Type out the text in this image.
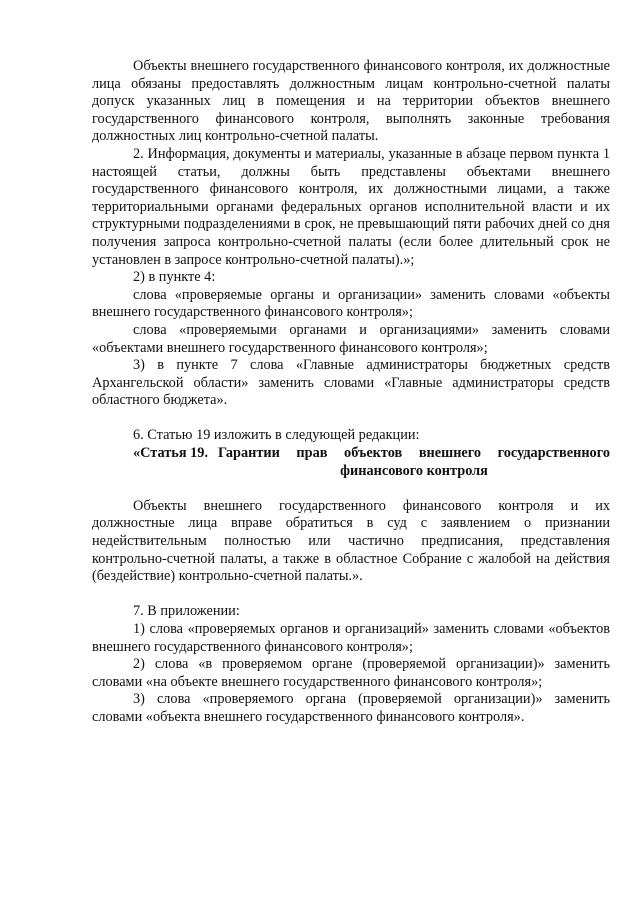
Объекты внешнего государственного финансового контроля, их должностные лица обязаны предоставлять должностным лицам контрольно-счетной палаты допуск указанных лиц в помещения и на территории объектов внешнего государственного финансового контроля, выполнять законные требования должностных лиц контрольно-счетной палаты.

2. Информация, документы и материалы, указанные в абзаце первом пункта 1 настоящей статьи, должны быть представлены объектами внешнего государственного финансового контроля, их должностными лицами, а также территориальными органами федеральных органов исполнительной власти и их структурными подразделениями в срок, не превышающий пяти рабочих дней со дня получения запроса контрольно-счетной палаты (если более длительный срок не установлен в запросе контрольно-счетной палаты).»;

2) в пункте 4:

слова «проверяемые органы и организации» заменить словами «объекты внешнего государственного финансового контроля»;

слова «проверяемыми органами и организациями» заменить словами «объектами внешнего государственного финансового контроля»;

3) в пункте 7 слова «Главные администраторы бюджетных средств Архангельской области» заменить словами «Главные администраторы средств областного бюджета».

6. Статью 19 изложить в следующей редакции:

«Статья 19. Гарантии прав объектов внешнего государственного финансового контроля

Объекты внешнего государственного финансового контроля и их должностные лица вправе обратиться в суд с заявлением о признании недействительным полностью или частично предписания, представления контрольно-счетной палаты, а также в областное Собрание с жалобой на действия (бездействие) контрольно-счетной палаты.».

7. В приложении:

1) слова «проверяемых органов и организаций» заменить словами «объектов внешнего государственного финансового контроля»;

2) слова «в проверяемом органе (проверяемой организации)» заменить словами «на объекте внешнего государственного финансового контроля»;

3) слова «проверяемого органа (проверяемой организации)» заменить словами «объекта внешнего государственного финансового контроля».
